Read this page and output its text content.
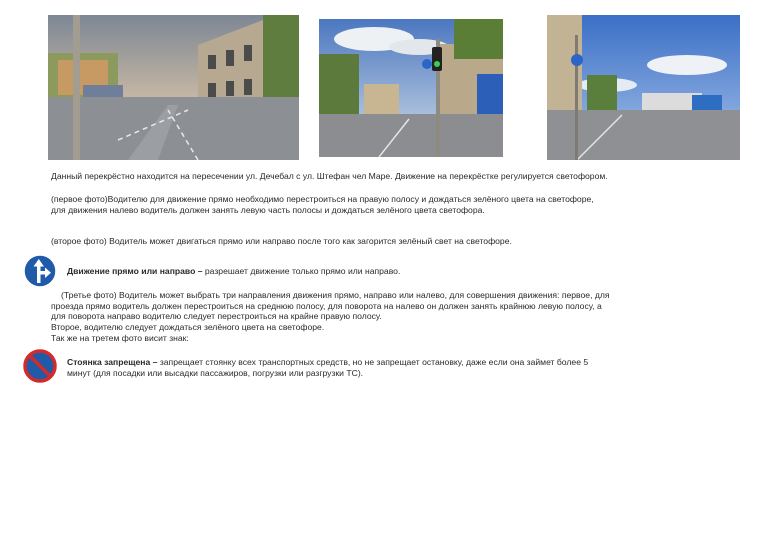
Данный перекрёстно находится на пересечении ул. Дечебал с ул. Штефан чел Маре. Движение на перекрёстке регулируется светофором.
(первое фото)Водителю для движение прямо необходимо перестроиться на правую полосу и дождаться зелёного цвета на светофоре,
для движения налево водитель должен занять левую часть полосы и дождаться зелёного цвета светофора.
(второе фото) Водитель может двигаться прямо или направо после того как загорится зелёный свет на светофоре.
Движение прямо или направо – разрешает движение только прямо или направо.
(Третье фото) Водитель может выбрать три направления движения прямо, направо или налево, для совершения движения: первое, для
проезда прямо водитель должен перестроиться на среднюю полосу, для поворота на налево он должен занять крайнюю левую полосу, а
для поворота направо водителю следует перестроиться на крайне правую полосу.
Второе, водителю следует дождаться зелёного цвета на светофоре.
Так же на третем фото висит знак:
Стоянка запрещена – запрещает стоянку всех транспортных средств, но не запрещает остановку, даже если она займет более 5
минут (для посадки или высадки пассажиров, погрузки или разгрузки ТС).
